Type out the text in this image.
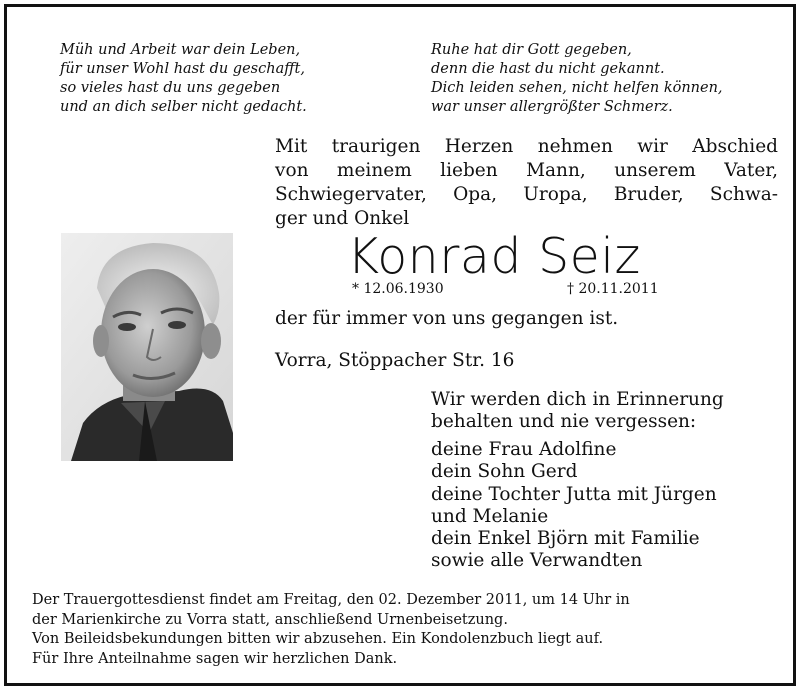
Müh und Arbeit war dein Leben,
für unser Wohl hast du geschafft,
so vieles hast du uns gegeben
und an dich selber nicht gedacht.
Ruhe hat dir Gott gegeben,
denn die hast du nicht gekannt.
Dich leiden sehen, nicht helfen können,
war unser allergrößter Schmerz.
Mit traurigen Herzen nehmen wir Abschied
von meinem lieben Mann, unserem Vater,
Schwiegervater, Opa, Uropa, Bruder, Schwa-
ger und Onkel
Konrad Seiz
* 12.06.1930	† 20.11.2011
der für immer von uns gegangen ist.
Vorra, Stöppacher Str. 16
Wir werden dich in Erinnerung
behalten und nie vergessen:
deine Frau Adolfine
dein Sohn Gerd
deine Tochter Jutta mit Jürgen
und Melanie
dein Enkel Björn mit Familie
sowie alle Verwandten
Der Trauergottesdienst findet am Freitag, den 02. Dezember 2011, um 14 Uhr in
der Marienkirche zu Vorra statt, anschließend Urnenbeisetzung.
Von Beileidsbekundungen bitten wir abzusehen. Ein Kondolenzbuch liegt auf.
Für Ihre Anteilnahme sagen wir herzlichen Dank.
